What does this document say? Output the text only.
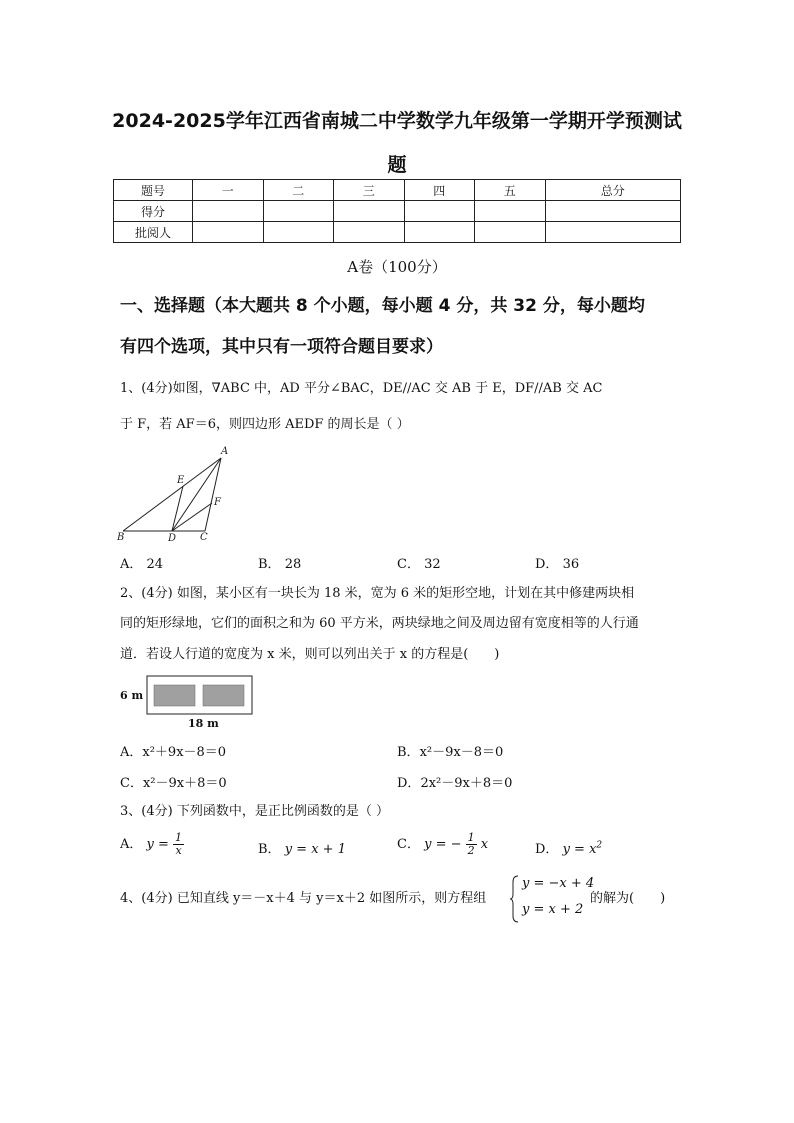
2024-2025学年江西省南城二中学数学九年级第一学期开学预测试
题
题号	一	二	三	四	五	总分
得分						
批阅人						
A卷（100分）
一、选择题（本大题共 8 个小题，每小题 4 分，共 32 分，每小题均
有四个选项，其中只有一项符合题目要求）
1、(4分)如图，∇ABC 中，AD 平分∠BAC，DE//AC 交 AB 于 E，DF//AB 交 AC
于 F，若 AF＝6，则四边形 AEDF 的周长是（ ）
A
B	C
D
E
F
A． 24	B． 28	C． 32	D． 36
2、(4分) 如图，某小区有一块长为 18 米，宽为 6 米的矩形空地，计划在其中修建两块相
同的矩形绿地，它们的面积之和为 60 平方米，两块绿地之间及周边留有宽度相等的人行通
道．若设人行道的宽度为 x 米，则可以列出关于 x 的方程是(　　)
6 m
18 m
A．x²＋9x－8＝0	B．x²－9x－8＝0
C．x²－9x＋8＝0	D．2x²－9x＋8＝0
3、(4分) 下列函数中，是正比例函数的是（ ）
A． $y = \frac{1}{x}$	B． y = x + 1	C． y = − $\frac{1}{2}$ x	D． $y = x^2$
4、(4分) 已知直线 y＝－x＋4 与 y＝x＋2 如图所示，则方程组
y = −x + 4
y = x + 2
的解为(　　)
